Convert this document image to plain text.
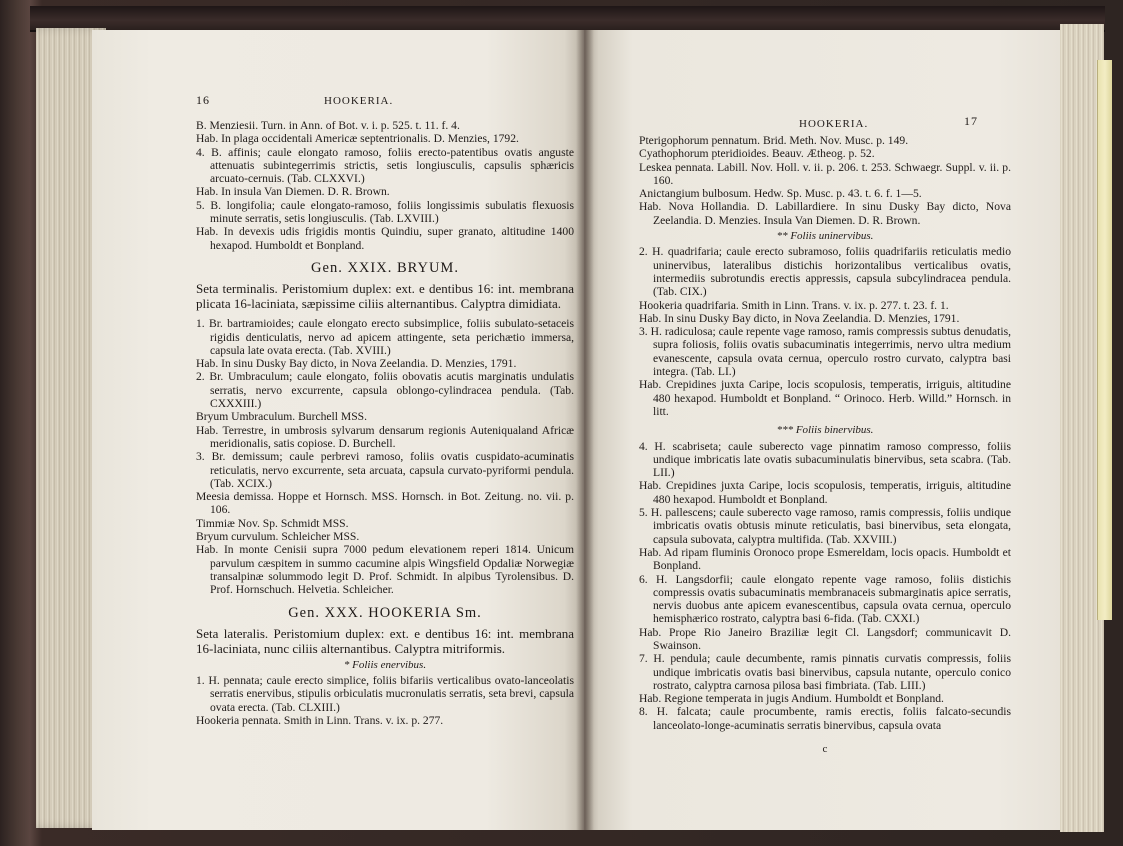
16	HOOKERIA.

B. Menziesii. Turn. in Ann. of Bot. v. i. p. 525. t. 11. f. 4.

Hab. In plaga occidentali Americæ septentrionalis. D. Menzies, 1792.

4. B. affinis; caule elongato ramoso, foliis erecto-patentibus ovatis anguste attenuatis subintegerrimis strictis, setis longiusculis, capsulis sphæricis arcuato-cernuis. (Tab. CLXXVI.)

Hab. In insula Van Diemen. D. R. Brown.

5. B. longifolia; caule elongato-ramoso, foliis longissimis subulatis flexuosis minute serratis, setis longiusculis. (Tab. LXVIII.)

Hab. In devexis udis frigidis montis Quindiu, super granato, altitudine 1400 hexapod. Humboldt et Bonpland.

Gen. XXIX. BRYUM.

Seta terminalis. Peristomium duplex: ext. e dentibus 16: int. membrana plicata 16-laciniata, sæpissime ciliis alternantibus. Calyptra dimidiata.

1. Br. bartramioides; caule elongato erecto subsimplice, foliis subulato-setaceis rigidis denticulatis, nervo ad apicem attingente, seta perichætio immersa, capsula late ovata erecta. (Tab. XVIII.)

Hab. In sinu Dusky Bay dicto, in Nova Zeelandia. D. Menzies, 1791.

2. Br. Umbraculum; caule elongato, foliis obovatis acutis marginatis undulatis serratis, nervo excurrente, capsula oblongo-cylindracea pendula. (Tab. CXXXIII.)

Bryum Umbraculum. Burchell MSS.

Hab. Terrestre, in umbrosis sylvarum densarum regionis Auteniqualand Africæ meridionalis, satis copiose. D. Burchell.

3. Br. demissum; caule perbrevi ramoso, foliis ovatis cuspidato-acuminatis reticulatis, nervo excurrente, seta arcuata, capsula curvato-pyriformi pendula. (Tab. XCIX.)

Meesia demissa. Hoppe et Hornsch. MSS. Hornsch. in Bot. Zeitung. no. vii. p. 106.

Timmiæ Nov. Sp. Schmidt MSS.

Bryum curvulum. Schleicher MSS.

Hab. In monte Cenisii supra 7000 pedum elevationem reperi 1814. Unicum parvulum cæspitem in summo cacumine alpis Wingsfield Opdaliæ Norwegiæ transalpinæ solummodo legit D. Prof. Schmidt. In alpibus Tyrolensibus. D. Prof. Hornschuch. Helvetia. Schleicher.

Gen. XXX. HOOKERIA Sm.

Seta lateralis. Peristomium duplex: ext. e dentibus 16: int. membrana 16-laciniata, nunc ciliis alternantibus. Calyptra mitriformis.

* Foliis enervibus.

1. H. pennata; caule erecto simplice, foliis bifariis verticalibus ovato-lanceolatis serratis enervibus, stipulis orbiculatis mucronulatis serratis, seta brevi, capsula ovata erecta. (Tab. CLXIII.)

Hookeria pennata. Smith in Linn. Trans. v. ix. p. 277.

HOOKERIA.	17

Pterigophorum pennatum. Brid. Meth. Nov. Musc. p. 149.

Cyathophorum pteridioides. Beauv. Ætheog. p. 52.

Leskea pennata. Labill. Nov. Holl. v. ii. p. 206. t. 253. Schwaegr. Suppl. v. ii. p. 160.

Anictangium bulbosum. Hedw. Sp. Musc. p. 43. t. 6. f. 1—5.

Hab. Nova Hollandia. D. Labillardiere. In sinu Dusky Bay dicto, Nova Zeelandia. D. Menzies. Insula Van Diemen. D. R. Brown.

** Foliis uninervibus.

2. H. quadrifaria; caule erecto subramoso, foliis quadrifariis reticulatis medio uninervibus, lateralibus distichis horizontalibus verticalibus ovatis, intermediis subrotundis erectis appressis, capsula subcylindracea pendula. (Tab. CIX.)

Hookeria quadrifaria. Smith in Linn. Trans. v. ix. p. 277. t. 23. f. 1.

Hab. In sinu Dusky Bay dicto, in Nova Zeelandia. D. Menzies, 1791.

3. H. radiculosa; caule repente vage ramoso, ramis compressis subtus denudatis, supra foliosis, foliis ovatis subacuminatis integerrimis, nervo ultra medium evanescente, capsula ovata cernua, operculo rostro curvato, calyptra basi integra. (Tab. LI.)

Hab. Crepidines juxta Caripe, locis scopulosis, temperatis, irriguis, altitudine 480 hexapod. Humboldt et Bonpland. “ Orinoco. Herb. Willd.” Hornsch. in litt.

*** Foliis binervibus.

4. H. scabriseta; caule suberecto vage pinnatim ramoso compresso, foliis undique imbricatis late ovatis subacuminulatis binervibus, seta scabra. (Tab. LII.)

Hab. Crepidines juxta Caripe, locis scopulosis, temperatis, irriguis, altitudine 480 hexapod. Humboldt et Bonpland.

5. H. pallescens; caule suberecto vage ramoso, ramis compressis, foliis undique imbricatis ovatis obtusis minute reticulatis, basi binervibus, seta elongata, capsula subovata, calyptra multifida. (Tab. XXVIII.)

Hab. Ad ripam fluminis Oronoco prope Esmereldam, locis opacis. Humboldt et Bonpland.

6. H. Langsdorfii; caule elongato repente vage ramoso, foliis distichis compressis ovatis subacuminatis membranaceis submarginatis apice serratis, nervis duobus ante apicem evanescentibus, capsula ovata cernua, operculo hemisphærico rostrato, calyptra basi 6-fida. (Tab. CXXI.)

Hab. Prope Rio Janeiro Braziliæ legit Cl. Langsdorf; communicavit D. Swainson.

7. H. pendula; caule decumbente, ramis pinnatis curvatis compressis, foliis undique imbricatis ovatis basi binervibus, capsula nutante, operculo conico rostrato, calyptra carnosa pilosa basi fimbriata. (Tab. LIII.)

Hab. Regione temperata in jugis Andium. Humboldt et Bonpland.

8. H. falcata; caule procumbente, ramis erectis, foliis falcato-secundis lanceolato-longe-acuminatis serratis binervibus, capsula ovata

c
